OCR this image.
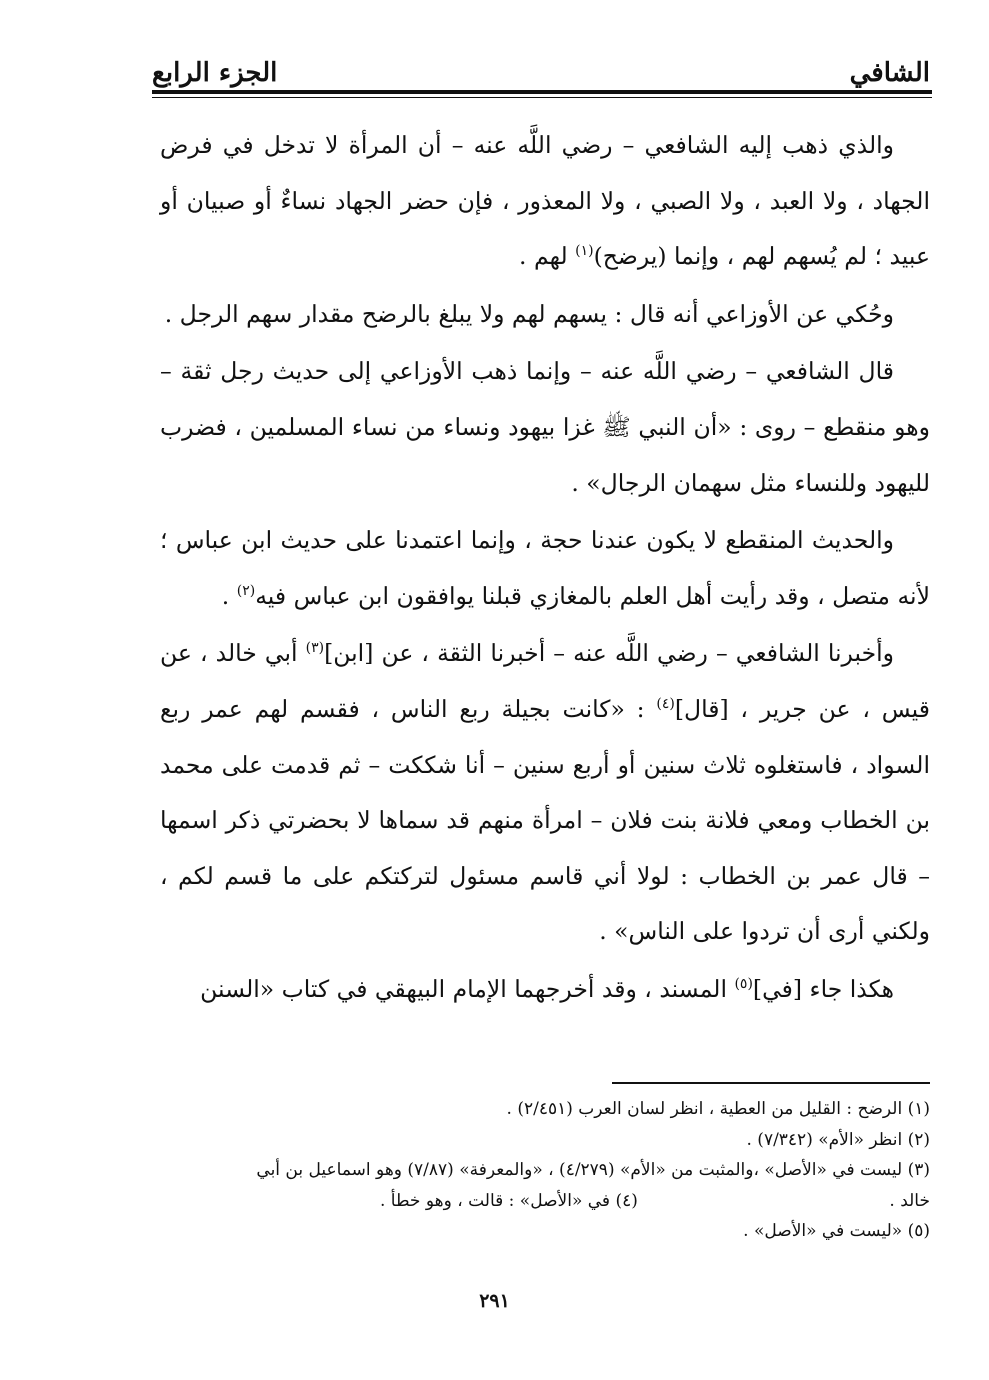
الجزء الرابع	الشافي

والذي ذهب إليه الشافعي – رضي اللَّه عنه – أن المرأة لا تدخل في فرض الجهاد ، ولا العبد ، ولا الصبي ، ولا المعذور ، فإن حضر الجهاد نساءٌ أو صبيان أو عبيد ؛ لم يُسهم لهم ، وإنما (يرضح)$^{(١)}$ لهم .

وحُكي عن الأوزاعي أنه قال : يسهم لهم ولا يبلغ بالرضح مقدار سهم الرجل .

قال الشافعي – رضي اللَّه عنه – وإنما ذهب الأوزاعي إلى حديث رجل ثقة – وهو منقطع – روى : «أن النبي ﷺ غزا بيهود ونساء من نساء المسلمين ، فضرب لليهود وللنساء مثل سهمان الرجال» .

والحديث المنقطع لا يكون عندنا حجة ، وإنما اعتمدنا على حديث ابن عباس ؛ لأنه متصل ، وقد رأيت أهل العلم بالمغازي قبلنا يوافقون ابن عباس فيه$^{(٢)}$ .

وأخبرنا الشافعي – رضي اللَّه عنه – أخبرنا الثقة ، عن [ابن]$^{(٣)}$ أبي خالد ، عن قيس ، عن جرير ، [قال]$^{(٤)}$ : «كانت بجيلة ربع الناس ، فقسم لهم عمر ربع السواد ، فاستغلوه ثلاث سنين أو أربع سنين – أنا شككت – ثم قدمت على محمد بن الخطاب ومعي فلانة بنت فلان – امرأة منهم قد سماها لا بحضرتي ذكر اسمها – قال عمر بن الخطاب : لولا أني قاسم مسئول لتركتكم على ما قسم لكم ، ولكني أرى أن تردوا على الناس» .

هكذا جاء [في]$^{(٥)}$ المسند ، وقد أخرجهما الإمام البيهقي في كتاب «السنن

(١) الرضح : القليل من العطية ، انظر لسان العرب (٢/٤٥١) .
(٢) انظر «الأم» (٧/٣٤٢) .
(٣) ليست في «الأصل» ،والمثبت من «الأم» (٤/٢٧٩) ، «والمعرفة» (٧/٨٧) وهو اسماعيل بن أبي
خالد .
(٤) في «الأصل» : قالت ، وهو خطأ .
(٥) «ليست في «الأصل» .
٢٩١
